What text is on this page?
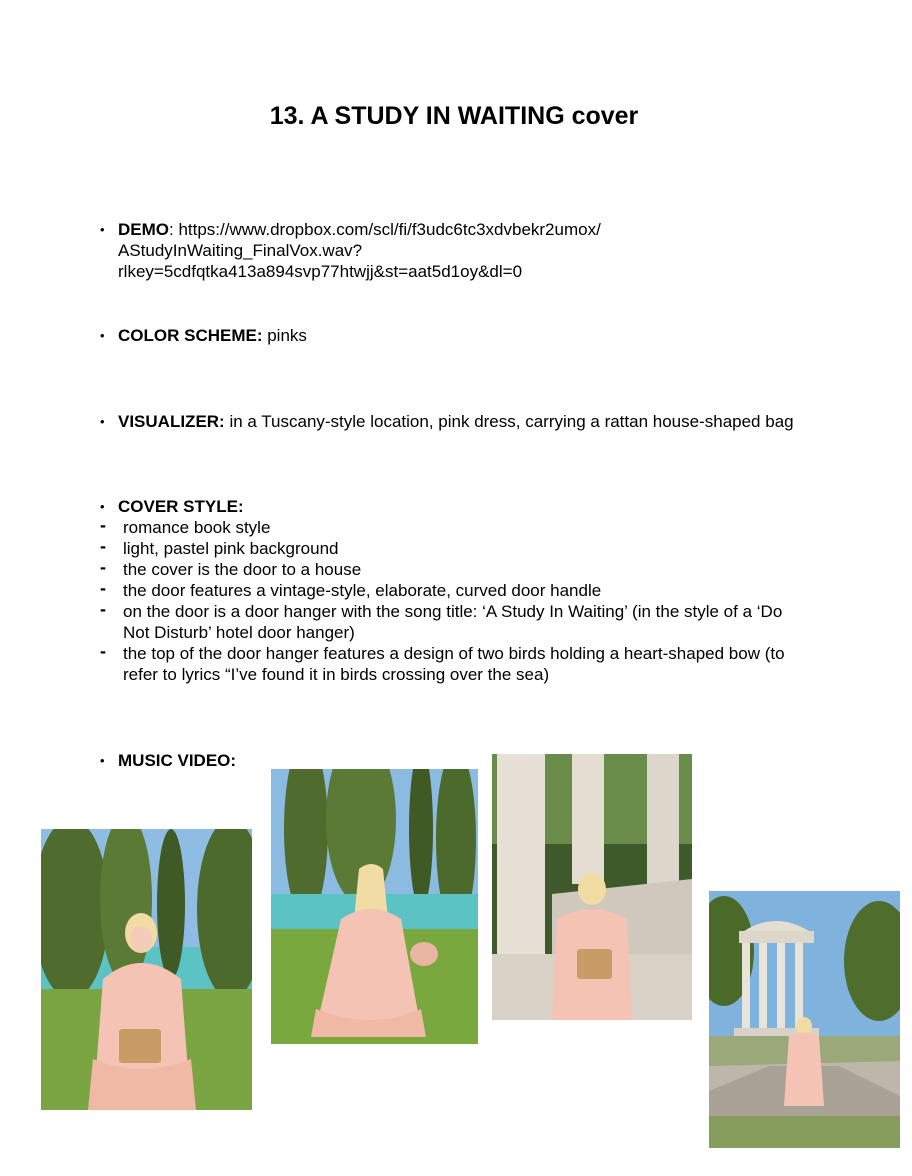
13. A STUDY IN WAITING cover
• DEMO: https://www.dropbox.com/scl/fi/f3udc6tc3xdvbekr2umox/
AStudyInWaiting_FinalVox.wav?
rlkey=5cdfqtka413a894svp77htwjj&st=aat5d1oy&dl=0
• COLOR SCHEME: pinks
• VISUALIZER: in a Tuscany-style location, pink dress, carrying a rattan house-shaped bag
• COVER STYLE:
- romance book style
- light, pastel pink background
- the cover is the door to a house
- the door features a vintage-style, elaborate, curved door handle
- on the door is a door hanger with the song title: ‘A Study In Waiting’ (in the style of a ‘Do Not Disturb’ hotel door hanger)
- the top of the door hanger features a design of two birds holding a heart-shaped bow (to refer to lyrics “I’ve found it in birds crossing over the sea)
• MUSIC VIDEO:
